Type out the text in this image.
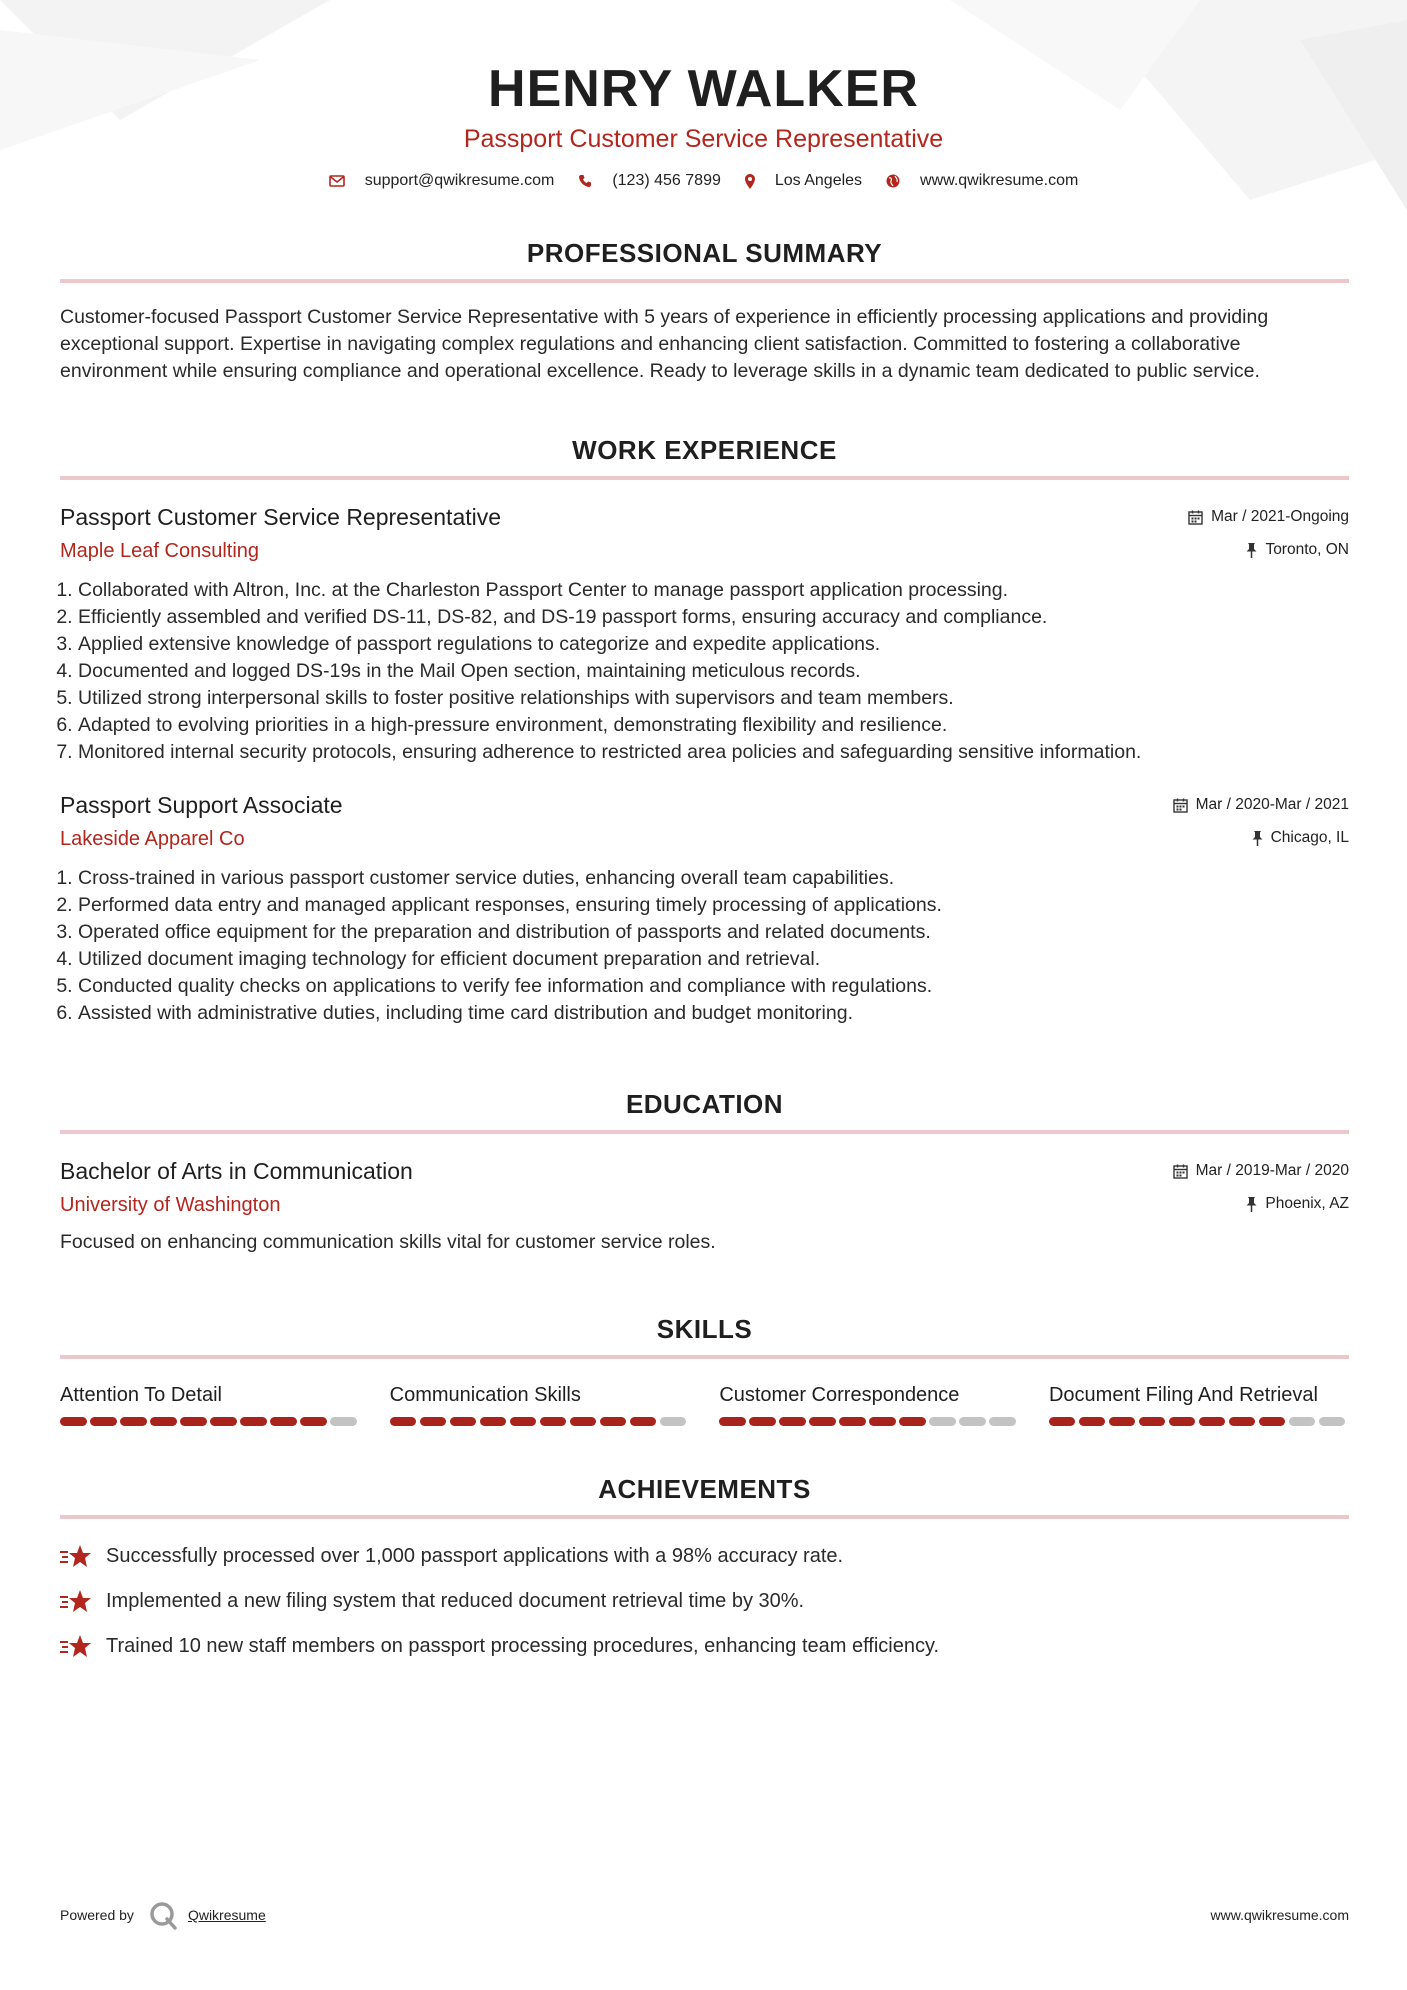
HENRY WALKER
Passport Customer Service Representative
support@qwikresume.com	(123) 456 7899	Los Angeles	www.qwikresume.com
PROFESSIONAL SUMMARY

Customer-focused Passport Customer Service Representative with 5 years of experience in efficiently processing applications and providing exceptional support. Expertise in navigating complex regulations and enhancing client satisfaction. Committed to fostering a collaborative environment while ensuring compliance and operational excellence. Ready to leverage skills in a dynamic team dedicated to public service.

WORK EXPERIENCE
Passport Customer Service Representative
Maple Leaf Consulting
Mar / 2021-Ongoing
Toronto, ON
1. Collaborated with Altron, Inc. at the Charleston Passport Center to manage passport application processing.
2. Efficiently assembled and verified DS-11, DS-82, and DS-19 passport forms, ensuring accuracy and compliance.
3. Applied extensive knowledge of passport regulations to categorize and expedite applications.
4. Documented and logged DS-19s in the Mail Open section, maintaining meticulous records.
5. Utilized strong interpersonal skills to foster positive relationships with supervisors and team members.
6. Adapted to evolving priorities in a high-pressure environment, demonstrating flexibility and resilience.
7. Monitored internal security protocols, ensuring adherence to restricted area policies and safeguarding sensitive information.
Passport Support Associate
Lakeside Apparel Co
Mar / 2020-Mar / 2021
Chicago, IL
1. Cross-trained in various passport customer service duties, enhancing overall team capabilities.
2. Performed data entry and managed applicant responses, ensuring timely processing of applications.
3. Operated office equipment for the preparation and distribution of passports and related documents.
4. Utilized document imaging technology for efficient document preparation and retrieval.
5. Conducted quality checks on applications to verify fee information and compliance with regulations.
6. Assisted with administrative duties, including time card distribution and budget monitoring.
EDUCATION
Bachelor of Arts in Communication
University of Washington
Mar / 2019-Mar / 2020
Phoenix, AZ

Focused on enhancing communication skills vital for customer service roles.

SKILLS
Attention To Detail	Communication Skills	Customer Correspondence	Document Filing And Retrieval
ACHIEVEMENTS
Successfully processed over 1,000 passport applications with a 98% accuracy rate.
Implemented a new filing system that reduced document retrieval time by 30%.
Trained 10 new staff members on passport processing procedures, enhancing team efficiency.
Powered by	Qwikresume	www.qwikresume.com
